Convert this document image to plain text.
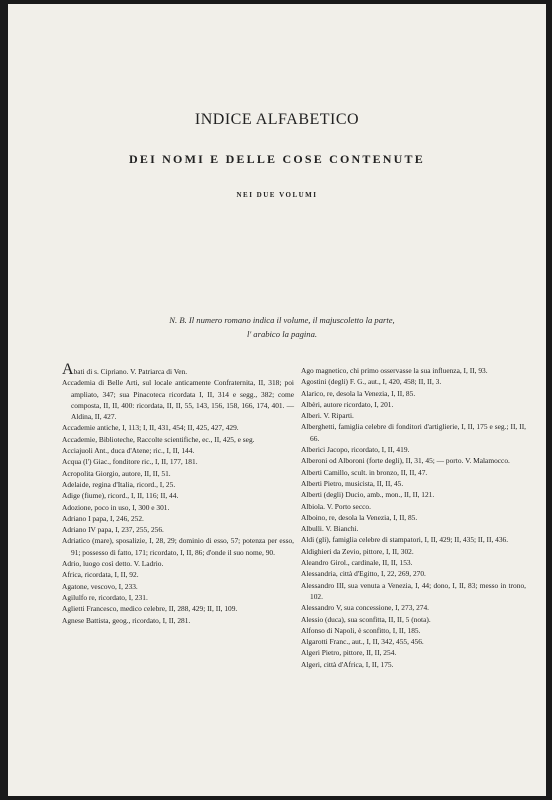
INDICE ALFABETICO
DEI NOMI E DELLE COSE CONTENUTE
NEI DUE VOLUMI
N. B. Il numero romano indica il volume, il majuscoletto la parte,
l' arabico la pagina.
Abati di s. Cipriano. V. Patriarca di Ven.
Accademia di Belle Arti, sul locale anticamente Confraternita, II, 318; poi ampliato, 347; sua Pinacoteca ricordata I, II, 314 e segg., 382; come composta, II, II, 400: ricordata, II, II, 55, 143, 156, 158, 166, 174, 401. — Aldina, II, 427.
Accademie antiche, I, 113; I, II, 431, 454; II, 425, 427, 429.
Accademie, Biblioteche, Raccolte scientifiche, ec., II, 425, e seg.
Acciajuoli Ant., duca d'Atene; ric., I, II, 144.
Acqua (l') Giac., fonditore ric., I, II, 177, 181.
Acropolita Giorgio, autore, II, II, 51.
Adelaide, regina d'Italia, ricord., I, 25.
Adige (fiume), ricord., I, II, 116; II, 44.
Adozione, poco in uso, I, 300 e 301.
Adriano I papa, I, 246, 252.
Adriano IV papa, I, 237, 255, 256.
Adriatico (mare), sposalizie, I, 28, 29; dominio di esso, 57; potenza per esso, 91; possesso di fatto, 171; ricordato, I, II, 86; d'onde il suo nome, 90.
Adrio, luogo così detto. V. Ladrio.
Africa, ricordata, I, II, 92.
Agatone, vescovo, I, 233.
Agilulfo re, ricordato, I, 231.
Aglietti Francesco, medico celebre, II, 288, 429; II, II, 109.
Agnese Battista, geog., ricordato, I, II, 281.
Ago magnetico, chi primo osservasse la sua influenza, I, II, 93.
Agostini (degli) F. G., aut., I, 420, 458; II, II, 3.
Alarico, re, desola la Venezia, I, II, 85.
Albèri, autore ricordato, I, 201.
Alberi. V. Riparti.
Alberghetti, famiglia celebre di fonditori d'artiglierie, I, II, 175 e seg.; II, II, 66.
Alberici Jacopo, ricordato, I, II, 419.
Alberoni od Alboroni (forte degli), II, 31, 45; — porto. V. Malamocco.
Alberti Camillo, scult. in bronzo, II, II, 47.
Alberti Pietro, musicista, II, II, 45.
Alberti (degli) Ducio, amb., mon., II, II, 121.
Albiola. V. Porto secco.
Alboino, re, desola la Venezia, I, II, 85.
Albulli. V. Bianchi.
Aldi (gli), famiglia celebre di stampatori, I, II, 429; II, 435; II, II, 436.
Aldighieri da Zevio, pittore, I, II, 302.
Aleandro Girol., cardinale, II, II, 153.
Alessandria, città d'Egitto, I, 22, 269, 270.
Alessandro III, sua venuta a Venezia, I, 44; dono, I, II, 83; messo in trono, 102.
Alessandro V, sua concessione, I, 273, 274.
Alessio (duca), sua sconfitta, II, II, 5 (nota).
Alfonso di Napoli, è sconfitto, I, II, 185.
Algarotti Franc., aut., I, II, 342, 455, 456.
Algeri Pietro, pittore, II, II, 254.
Algeri, città d'Africa, I, II, 175.
